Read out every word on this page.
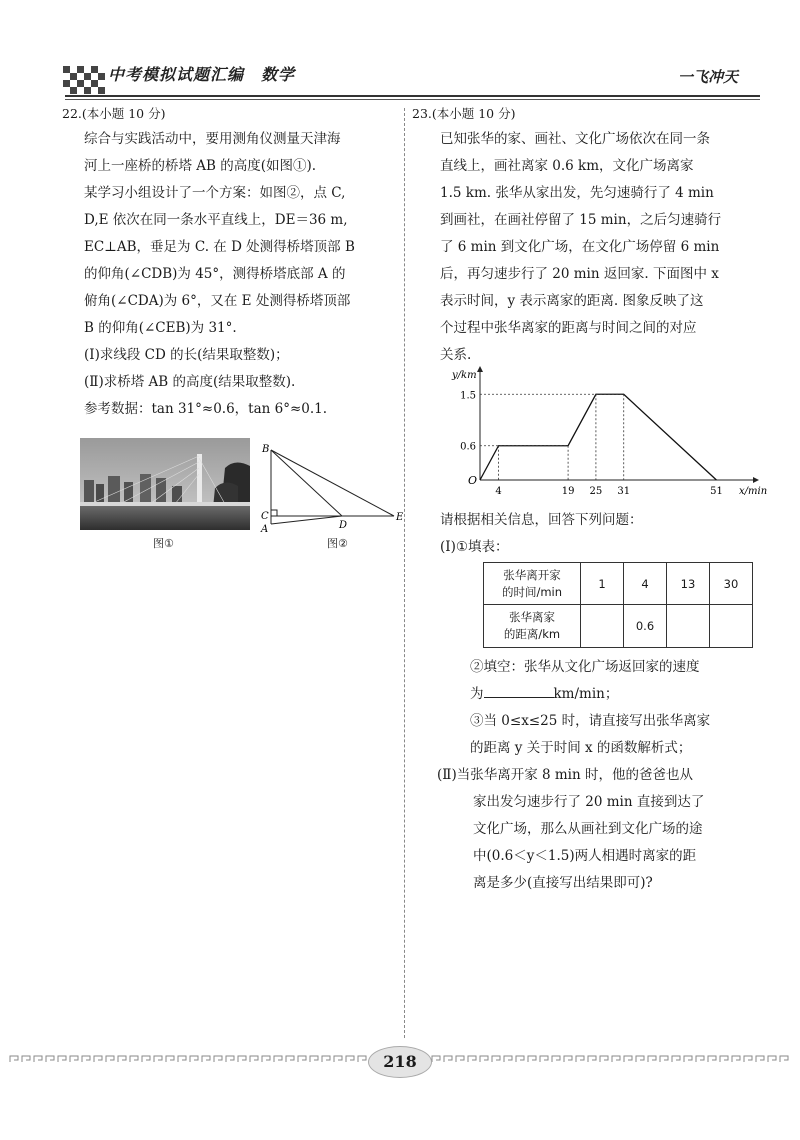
中考模拟试题汇编　数学	一飞冲天
22.(本小题 10 分)

综合与实践活动中，要用测角仪测量天津海

河上一座桥的桥塔 AB 的高度(如图①).

某学习小组设计了一个方案：如图②，点 C,

D,E 依次在同一条水平直线上，DE＝36 m,

EC⊥AB，垂足为 C. 在 D 处测得桥塔顶部 B

的仰角(∠CDB)为 45°，测得桥塔底部 A 的

俯角(∠CDA)为 6°，又在 E 处测得桥塔顶部

B 的仰角(∠CEB)为 31°.

(Ⅰ)求线段 CD 的长(结果取整数)；

(Ⅱ)求桥塔 AB 的高度(结果取整数).

参考数据：tan 31°≈0.6，tan 6°≈0.1.

图①
B
C
A	D
E
图②
23.(本小题 10 分)

已知张华的家、画社、文化广场依次在同一条

直线上，画社离家 0.6 km，文化广场离家

1.5 km. 张华从家出发，先匀速骑行了 4 min

到画社，在画社停留了 15 min，之后匀速骑行

了 6 min 到文化广场，在文化广场停留 6 min

后，再匀速步行了 20 min 返回家. 下面图中 x

表示时间，y 表示离家的距离. 图象反映了这

个过程中张华离家的距离与时间之间的对应

关系.

y/km
x/min
O
4	19 25 31	51
0.6
1.5

请根据相关信息，回答下列问题：

(Ⅰ)①填表：

张华离开家
的时间/min	1	4	13	30
张华离家
的距离/km		0.6		

②填空：张华从文化广场返回家的速度

为	km/min；

③当 0≤x≤25 时，请直接写出张华离家

的距离 y 关于时间 x 的函数解析式；

(Ⅱ)当张华离开家 8 min 时，他的爸爸也从

家出发匀速步行了 20 min 直接到达了

文化广场，那么从画社到文化广场的途

中(0.6＜y＜1.5)两人相遇时离家的距

离是多少(直接写出结果即可)?

218
